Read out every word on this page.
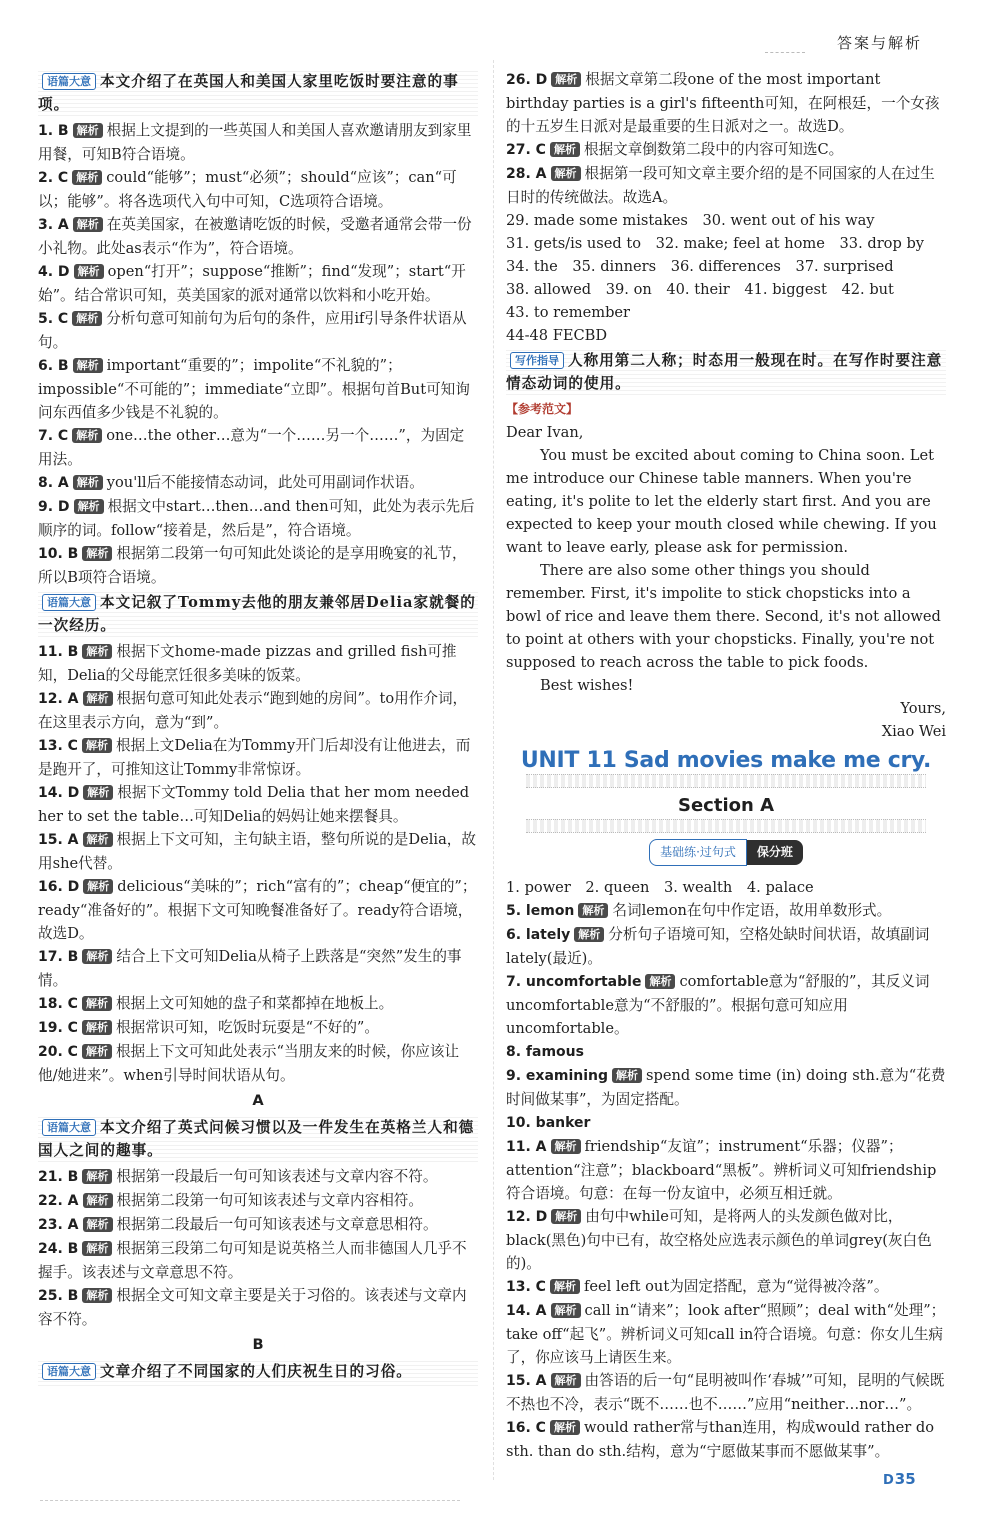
答案与解析
语篇大意 本文介绍了在英国人和美国人家里吃饭时要注意的事项。
1. B 解析 根据上文提到的一些英国人和美国人喜欢邀请朋友到家里用餐，可知B符合语境。
2. C 解析 could“能够”；must“必须”；should“应该”；can“可以；能够”。将各选项代入句中可知，C选项符合语境。
3. A 解析 在英美国家，在被邀请吃饭的时候，受邀者通常会带一份小礼物。此处as表示“作为”，符合语境。
4. D 解析 open“打开”；suppose“推断”；find“发现”；start“开始”。结合常识可知，英美国家的派对通常以饮料和小吃开始。
5. C 解析 分析句意可知前句为后句的条件，应用if引导条件状语从句。
6. B 解析 important“重要的”；impolite“不礼貌的”；impossible“不可能的”；immediate“立即”。根据句首But可知询问东西值多少钱是不礼貌的。
7. C 解析 one…the other…意为“一个……另一个……”，为固定用法。
8. A 解析 you'll后不能接情态动词，此处可用副词作状语。
9. D 解析 根据文中start…then…and then可知，此处为表示先后顺序的词。follow“接着是，然后是”，符合语境。
10. B 解析 根据第二段第一句可知此处谈论的是享用晚宴的礼节，所以B项符合语境。
语篇大意 本文记叙了Tommy去他的朋友兼邻居Delia家就餐的一次经历。
11. B 解析 根据下文home-made pizzas and grilled fish可推知，Delia的父母能烹饪很多美味的饭菜。
12. A 解析 根据句意可知此处表示“跑到她的房间”。to用作介词，在这里表示方向，意为“到”。
13. C 解析 根据上文Delia在为Tommy开门后却没有让他进去，而是跑开了，可推知这让Tommy非常惊讶。
14. D 解析 根据下文Tommy told Delia that her mom needed her to set the table…可知Delia的妈妈让她来摆餐具。
15. A 解析 根据上下文可知，主句缺主语，整句所说的是Delia，故用she代替。
16. D 解析 delicious“美味的”；rich“富有的”；cheap“便宜的”；ready“准备好的”。根据下文可知晚餐准备好了。ready符合语境，故选D。
17. B 解析 结合上下文可知Delia从椅子上跌落是“突然”发生的事情。
18. C 解析 根据上文可知她的盘子和菜都掉在地板上。
19. C 解析 根据常识可知，吃饭时玩耍是“不好的”。
20. C 解析 根据上下文可知此处表示“当朋友来的时候，你应该让他/她进来”。when引导时间状语从句。
A
语篇大意 本文介绍了英式问候习惯以及一件发生在英格兰人和德国人之间的趣事。
21. B 解析 根据第一段最后一句可知该表述与文章内容不符。
22. A 解析 根据第二段第一句可知该表述与文章内容相符。
23. A 解析 根据第二段最后一句可知该表述与文章意思相符。
24. B 解析 根据第三段第二句可知是说英格兰人而非德国人几乎不握手。该表述与文章意思不符。
25. B 解析 根据全文可知文章主要是关于习俗的。该表述与文章内容不符。
B
语篇大意 文章介绍了不同国家的人们庆祝生日的习俗。
26. D 解析 根据文章第二段one of the most important birthday parties is a girl's fifteenth可知，在阿根廷，一个女孩的十五岁生日派对是最重要的生日派对之一。故选D。
27. C 解析 根据文章倒数第二段中的内容可知选C。
28. A 解析 根据第一段可知文章主要介绍的是不同国家的人在过生日时的传统做法。故选A。
29. made some mistakes　30. went out of his way
31. gets/is used to　32. make; feel at home　33. drop by
34. the　35. dinners　36. differences　37. surprised
38. allowed　39. on　40. their　41. biggest　42. but
43. to remember
44-48 FECBD
写作指导 人称用第二人称；时态用一般现在时。在写作时要注意情态动词的使用。
【参考范文】

Dear Ivan,

You must be excited about coming to China soon. Let me introduce our Chinese table manners. When you're eating, it's polite to let the elderly start first. And you are expected to keep your mouth closed while chewing. If you want to leave early, please ask for permission.

There are also some other things you should remember. First, it's impolite to stick chopsticks into a bowl of rice and leave them there. Second, it's not allowed to point at others with your chopsticks. Finally, you're not supposed to reach across the table to pick foods.

Best wishes!

Yours,

Xiao Wei

UNIT 11 Sad movies make me cry.
Section A
基础练·过句式 保分班
1. power　2. queen　3. wealth　4. palace
5. lemon 解析 名词lemon在句中作定语，故用单数形式。
6. lately 解析 分析句子语境可知，空格处缺时间状语，故填副词lately(最近)。
7. uncomfortable 解析 comfortable意为“舒服的”，其反义词uncomfortable意为“不舒服的”。根据句意可知应用uncomfortable。
8. famous
9. examining 解析 spend some time (in) doing sth.意为“花费时间做某事”，为固定搭配。
10. banker
11. A 解析 friendship“友谊”；instrument“乐器；仪器”；attention“注意”；blackboard“黑板”。辨析词义可知friendship符合语境。句意：在每一份友谊中，必须互相迁就。
12. D 解析 由句中while可知，是将两人的头发颜色做对比，black(黑色)句中已有，故空格处应选表示颜色的单词grey(灰白色的)。
13. C 解析 feel left out为固定搭配，意为“觉得被冷落”。
14. A 解析 call in“请来”；look after“照顾”；deal with“处理”；take off“起飞”。辨析词义可知call in符合语境。句意：你女儿生病了，你应该马上请医生来。
15. A 解析 由答语的后一句“昆明被叫作‘春城’”可知，昆明的气候既不热也不冷，表示“既不……也不……”应用“neither…nor…”。
16. C 解析 would rather常与than连用，构成would rather do sth. than do sth.结构，意为“宁愿做某事而不愿做某事”。
D35
